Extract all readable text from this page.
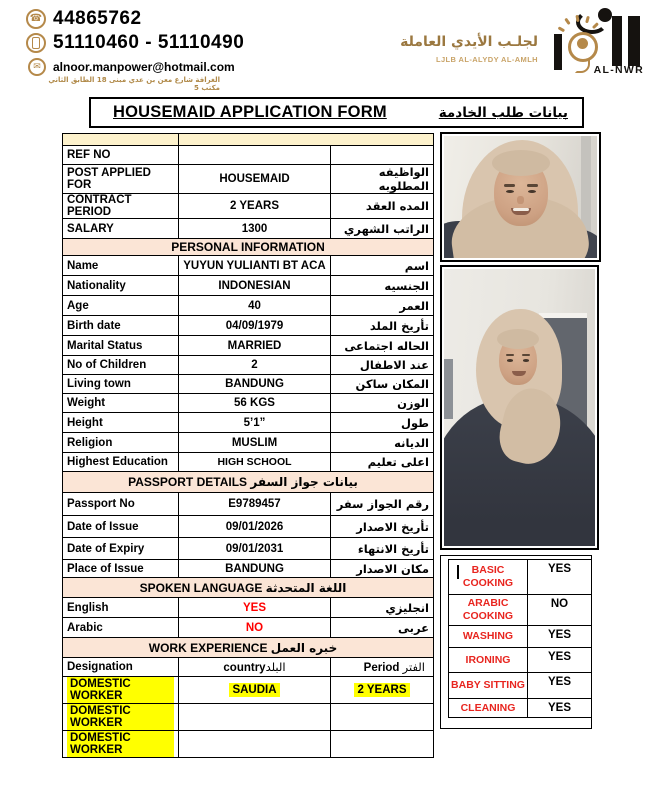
☎ 44865762
51110460 - 51110490
✉ alnoor.manpower@hotmail.com
الغرافة شارع معن بن عدي مبنى 18 الطابق الثاني مكتب 5
لجلـب الأيدي العاملة
LJLB AL-ALYDY AL-AMLH
AL-NWR
HOUSEMAID APPLICATION FORM	بيانات طلب الخادمة

REF NO		
POST APPLIED FOR	HOUSEMAID	الواظيفه المطلوبه
CONTRACT PERIOD	2 YEARS	المده العقد
SALARY	1300	الراتب الشهري
PERSONAL INFORMATION		
Name	YUYUN YULIANTI BT ACA	اسم
Nationality	INDONESIAN	الجنسيه
Age	40	العمر
Birth date	04/09/1979	تأريخ الملد
Marital Status	MARRIED	الحاله اجتماعى
No of Children	2	عند الاطفال
Living town	BANDUNG	المكان ساكن
Weight	56 KGS	الوزن
Height	5’1”	طول
Religion	MUSLIM	الديانه
Highest Education	HIGH SCHOOL	اعلى تعليم
PASSPORT DETAILS بيانات جواز السفر		
Passport No	E9789457	رقم الجواز سفر
Date of Issue	09/01/2026	تأريخ الاصدار
Date of Expiry	09/01/2031	تأريخ الانتهاء
Place of Issue	BANDUNG	مكان الاصدار
SPOKEN LANGUAGE اللغة المتحدثة		
English	YES	انجليزي
Arabic	NO	عربى
WORK EXPERIENCE خبره العمل		
Designation	countryالبلد	Period الفتر
DOMESTIC WORKER	SAUDIA	2 YEARS
DOMESTIC WORKER		
DOMESTIC WORKER		
BASIC COOKING	YES
ARABIC COOKING	NO
WASHING	YES
IRONING	YES
BABY SITTING	YES
CLEANING	YES
